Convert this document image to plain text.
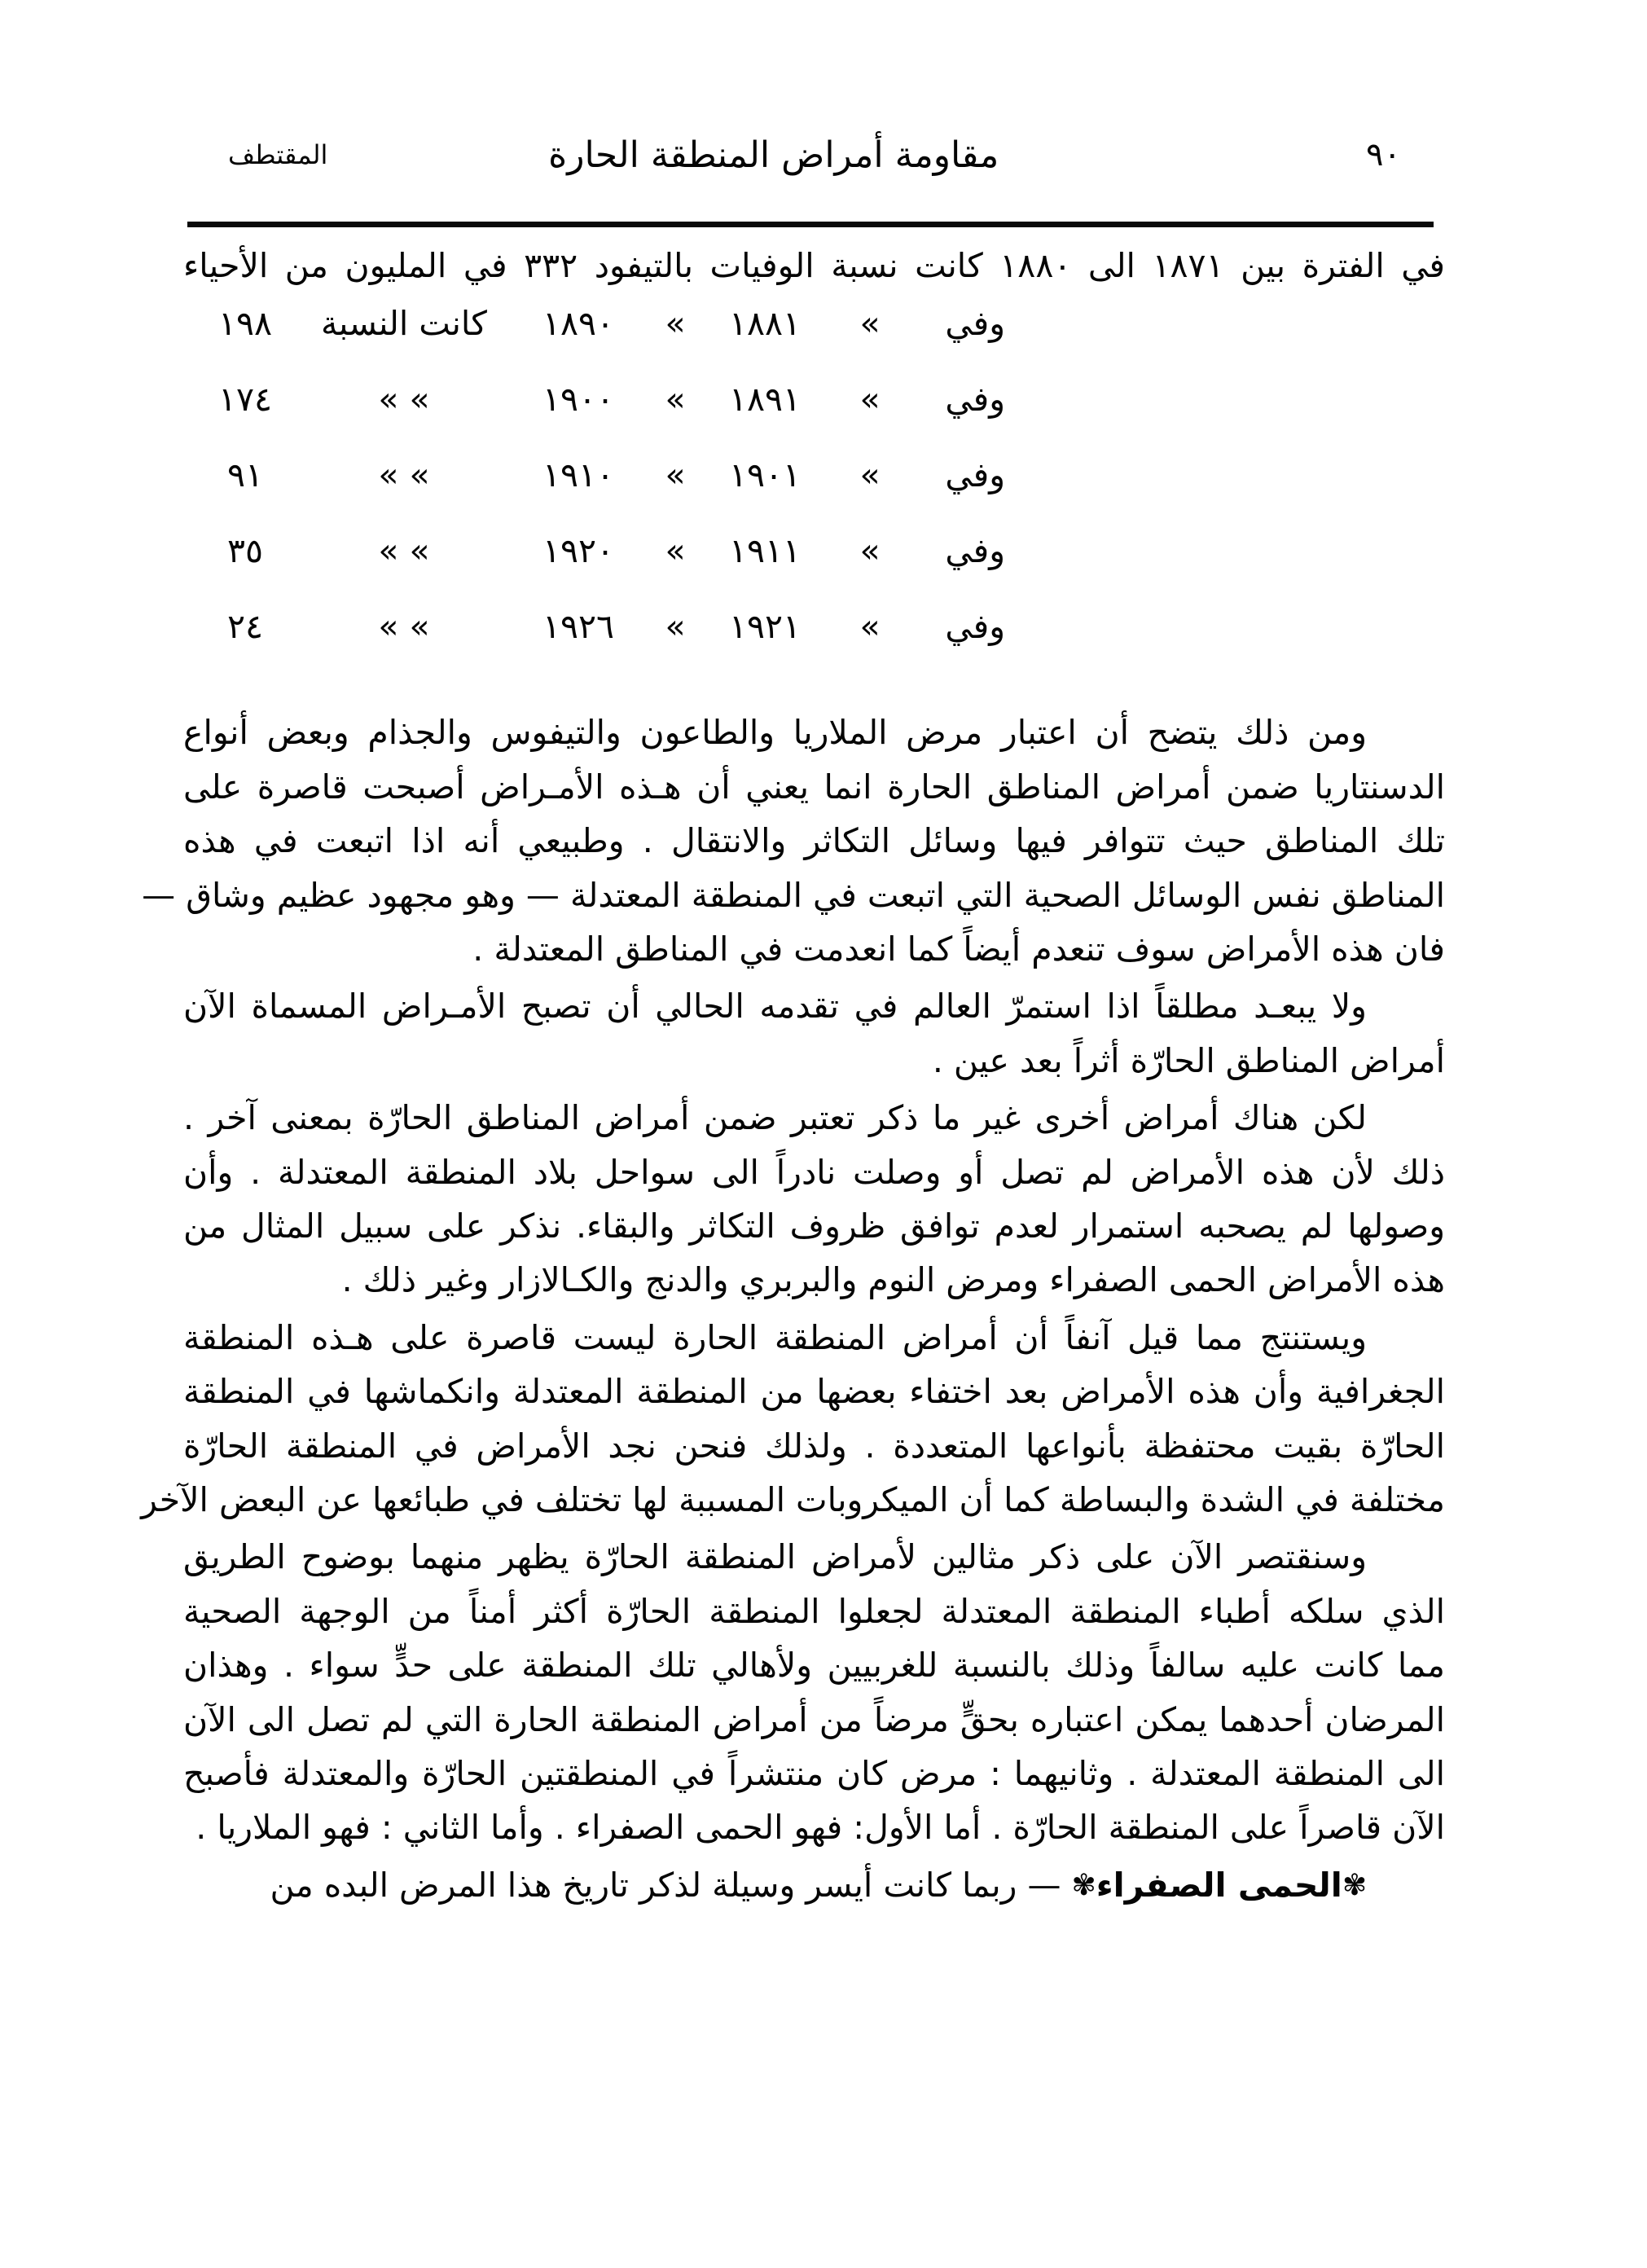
٩٠
مقاومة أمراض المنطقة الحارة
المقتطف

في الفترة بين ١٨٧١ الى ١٨٨٠ كانت نسبة الوفيات بالتيفود ٣٣٢ في المليون من الأحياء

وفي
»
١٨٨١
»
١٨٩٠
كانت النسبة
١٩٨
وفي
»
١٨٩١
»
١٩٠٠
» »
١٧٤
وفي
»
١٩٠١
»
١٩١٠
» »
٩١
وفي
»
١٩١١
»
١٩٢٠
» »
٣٥
وفي
»
١٩٢١
»
١٩٢٦
» »
٢٤
ومن ذلك يتضح أن اعتبار مرض الملاريا والطاعون والتيفوس والجذام وبعض أنواع
الدسنتاريا ضمن أمراض المناطق الحارة انما يعني أن هـذه الأمـراض أصبحت قاصرة على
تلك المناطق حيث تتوافر فيها وسائل التكاثر والانتقال . وطبيعي أنه اذا اتبعت في هذه
المناطق نفس الوسائل الصحية التي اتبعت في المنطقة المعتدلة — وهو مجهود عظيم وشاق —
فان هذه الأمراض سوف تنعدم أيضاً كما انعدمت في المناطق المعتدلة .
ولا يبعـد مطلقاً اذا استمرّ العالم في تقدمه الحالي أن تصبح الأمـراض المسماة الآن
أمراض المناطق الحارّة أثراً بعد عين .
لكن هناك أمراض أخرى غير ما ذكر تعتبر ضمن أمراض المناطق الحارّة بمعنى آخر .
ذلك لأن هذه الأمراض لم تصل أو وصلت نادراً الى سواحل بلاد المنطقة المعتدلة . وأن
وصولها لم يصحبه استمرار لعدم توافق ظروف التكاثر والبقاء. نذكر على سبيل المثال من
هذه الأمراض الحمى الصفراء ومرض النوم والبربري والدنج والكـالازار وغير ذلك .
ويستنتج مما قيل آنفاً أن أمراض المنطقة الحارة ليست قاصرة على هـذه المنطقة
الجغرافية وأن هذه الأمراض بعد اختفاء بعضها من المنطقة المعتدلة وانكماشها في المنطقة
الحارّة بقيت محتفظة بأنواعها المتعددة . ولذلك فنحن نجد الأمراض في المنطقة الحارّة
مختلفة في الشدة والبساطة كما أن الميكروبات المسببة لها تختلف في طبائعها عن البعض الآخر
وسنقتصر الآن على ذكر مثالين لأمراض المنطقة الحارّة يظهر منهما بوضوح الطريق
الذي سلكه أطباء المنطقة المعتدلة لجعلوا المنطقة الحارّة أكثر أمناً من الوجهة الصحية
مما كانت عليه سالفاً وذلك بالنسبة للغربيين ولأهالي تلك المنطقة على حدٍّ سواء . وهذان
المرضان أحدهما يمكن اعتباره بحقٍّ مرضاً من أمراض المنطقة الحارة التي لم تصل الى الآن
الى المنطقة المعتدلة . وثانيهما : مرض كان منتشراً في المنطقتين الحارّة والمعتدلة فأصبح
الآن قاصراً على المنطقة الحارّة . أما الأول: فهو الحمى الصفراء . وأما الثاني : فهو الملاريا .
✾الحمى الصفراء✾ — ربما كانت أيسر وسيلة لذكر تاريخ هذا المرض البده من
